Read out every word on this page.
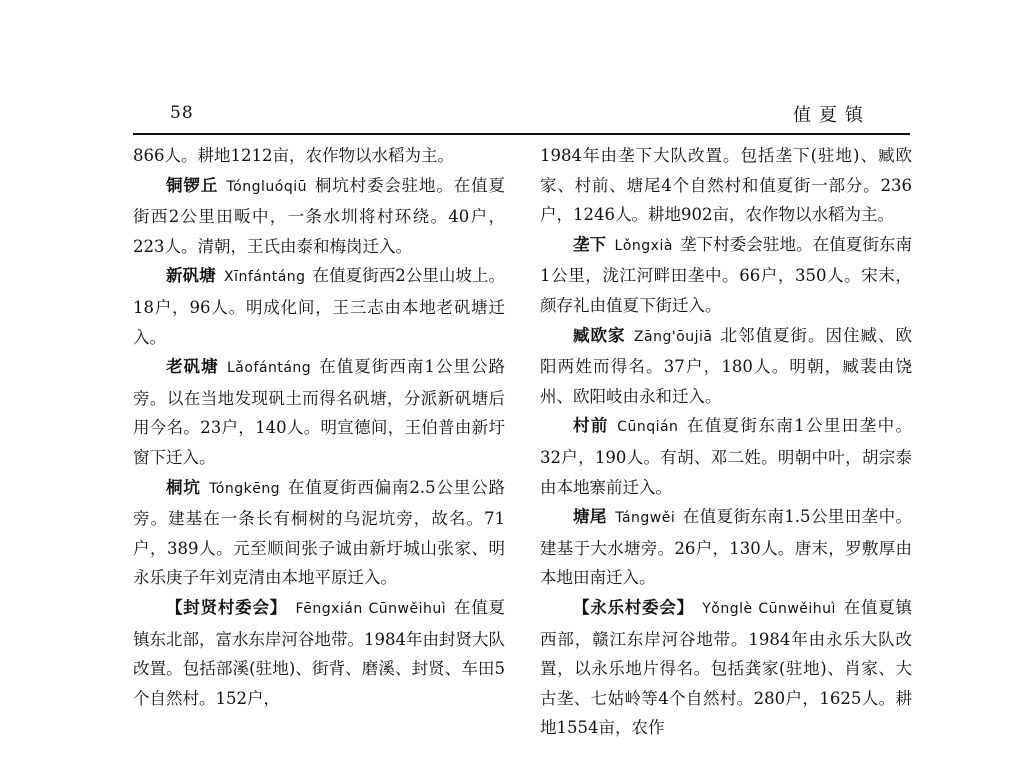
58	值夏镇

866人。耕地1212亩，农作物以水稻为主。

铜锣丘 Tóngluóqiū 桐坑村委会驻地。在值夏街西2公里田畈中，一条水圳将村环绕。40户，223人。清朝，王氏由泰和梅岗迁入。

新矾塘 Xīnfántáng 在值夏街西2公里山坡上。18户，96人。明成化间，王三志由本地老矾塘迁入。

老矾塘 Lǎofántáng 在值夏街西南1公里公路旁。以在当地发现矾土而得名矾塘，分派新矾塘后用今名。23户，140人。明宣德间，王伯普由新圩窗下迁入。

桐坑 Tóngkēng 在值夏街西偏南2.5公里公路旁。建基在一条长有桐树的乌泥坑旁，故名。71户，389人。元至顺间张子诚由新圩城山张家、明永乐庚子年刘克清由本地平原迁入。

【封贤村委会】 Fēngxián Cūnwěihuì 在值夏镇东北部，富水东岸河谷地带。1984年由封贤大队改置。包括部溪(驻地)、街背、磨溪、封贤、车田5个自然村。152户，

1984年由垄下大队改置。包括垄下(驻地)、臧欧家、村前、塘尾4个自然村和值夏街一部分。236户，1246人。耕地902亩，农作物以水稻为主。

垄下 Lǒngxià 垄下村委会驻地。在值夏街东南1公里，泷江河畔田垄中。66户，350人。宋末，颜存礼由值夏下街迁入。

臧欧家 Zāng'ōujiā 北邻值夏街。因住臧、欧阳两姓而得名。37户，180人。明朝，臧裴由饶州、欧阳岐由永和迁入。

村前 Cūnqián 在值夏街东南1公里田垄中。32户，190人。有胡、邓二姓。明朝中叶，胡宗泰由本地寨前迁入。

塘尾 Tángwěi 在值夏街东南1.5公里田垄中。建基于大水塘旁。26户，130人。唐末，罗敷厚由本地田南迁入。

【永乐村委会】 Yǒnglè Cūnwěihuì 在值夏镇西部，赣江东岸河谷地带。1984年由永乐大队改置，以永乐地片得名。包括龚家(驻地)、肖家、大古垄、七姑岭等4个自然村。280户，1625人。耕地1554亩，农作
